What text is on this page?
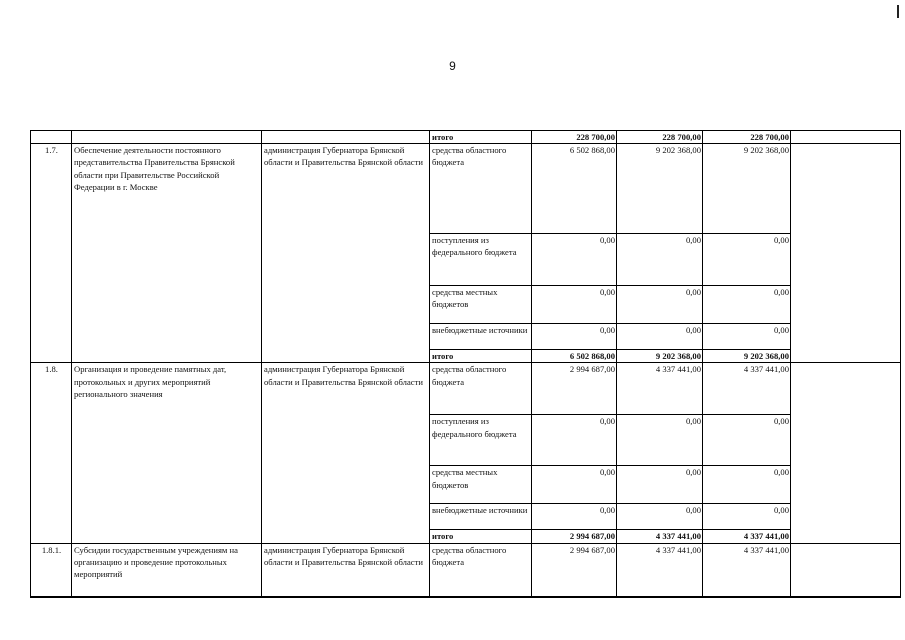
9
			итого	228 700,00	228 700,00	228 700,00	
1.7.	Обеспечение деятельности постоянного представительства Правительства Брянской области при Правительстве Российской Федерации в г. Москве	администрация Губернатора Брянской области и Правительства Брянской области	средства областного бюджета	6 502 868,00	9 202 368,00	9 202 368,00	
			поступления из федерального бюджета	0,00	0,00	0,00	
			средства местных бюджетов	0,00	0,00	0,00	
			внебюджетные источники	0,00	0,00	0,00	
			итого	6 502 868,00	9 202 368,00	9 202 368,00	
1.8.	Организация и проведение памятных дат, протокольных и других мероприятий регионального значения	администрация Губернатора Брянской области и Правительства Брянской области	средства областного бюджета	2 994 687,00	4 337 441,00	4 337 441,00	
			поступления из федерального бюджета	0,00	0,00	0,00	
			средства местных бюджетов	0,00	0,00	0,00	
			внебюджетные источники	0,00	0,00	0,00	
			итого	2 994 687,00	4 337 441,00	4 337 441,00	
1.8.1.	Субсидии государственным учреждениям на организацию и проведение протокольных мероприятий	администрация Губернатора Брянской области и Правительства Брянской области	средства областного бюджета	2 994 687,00	4 337 441,00	4 337 441,00	
